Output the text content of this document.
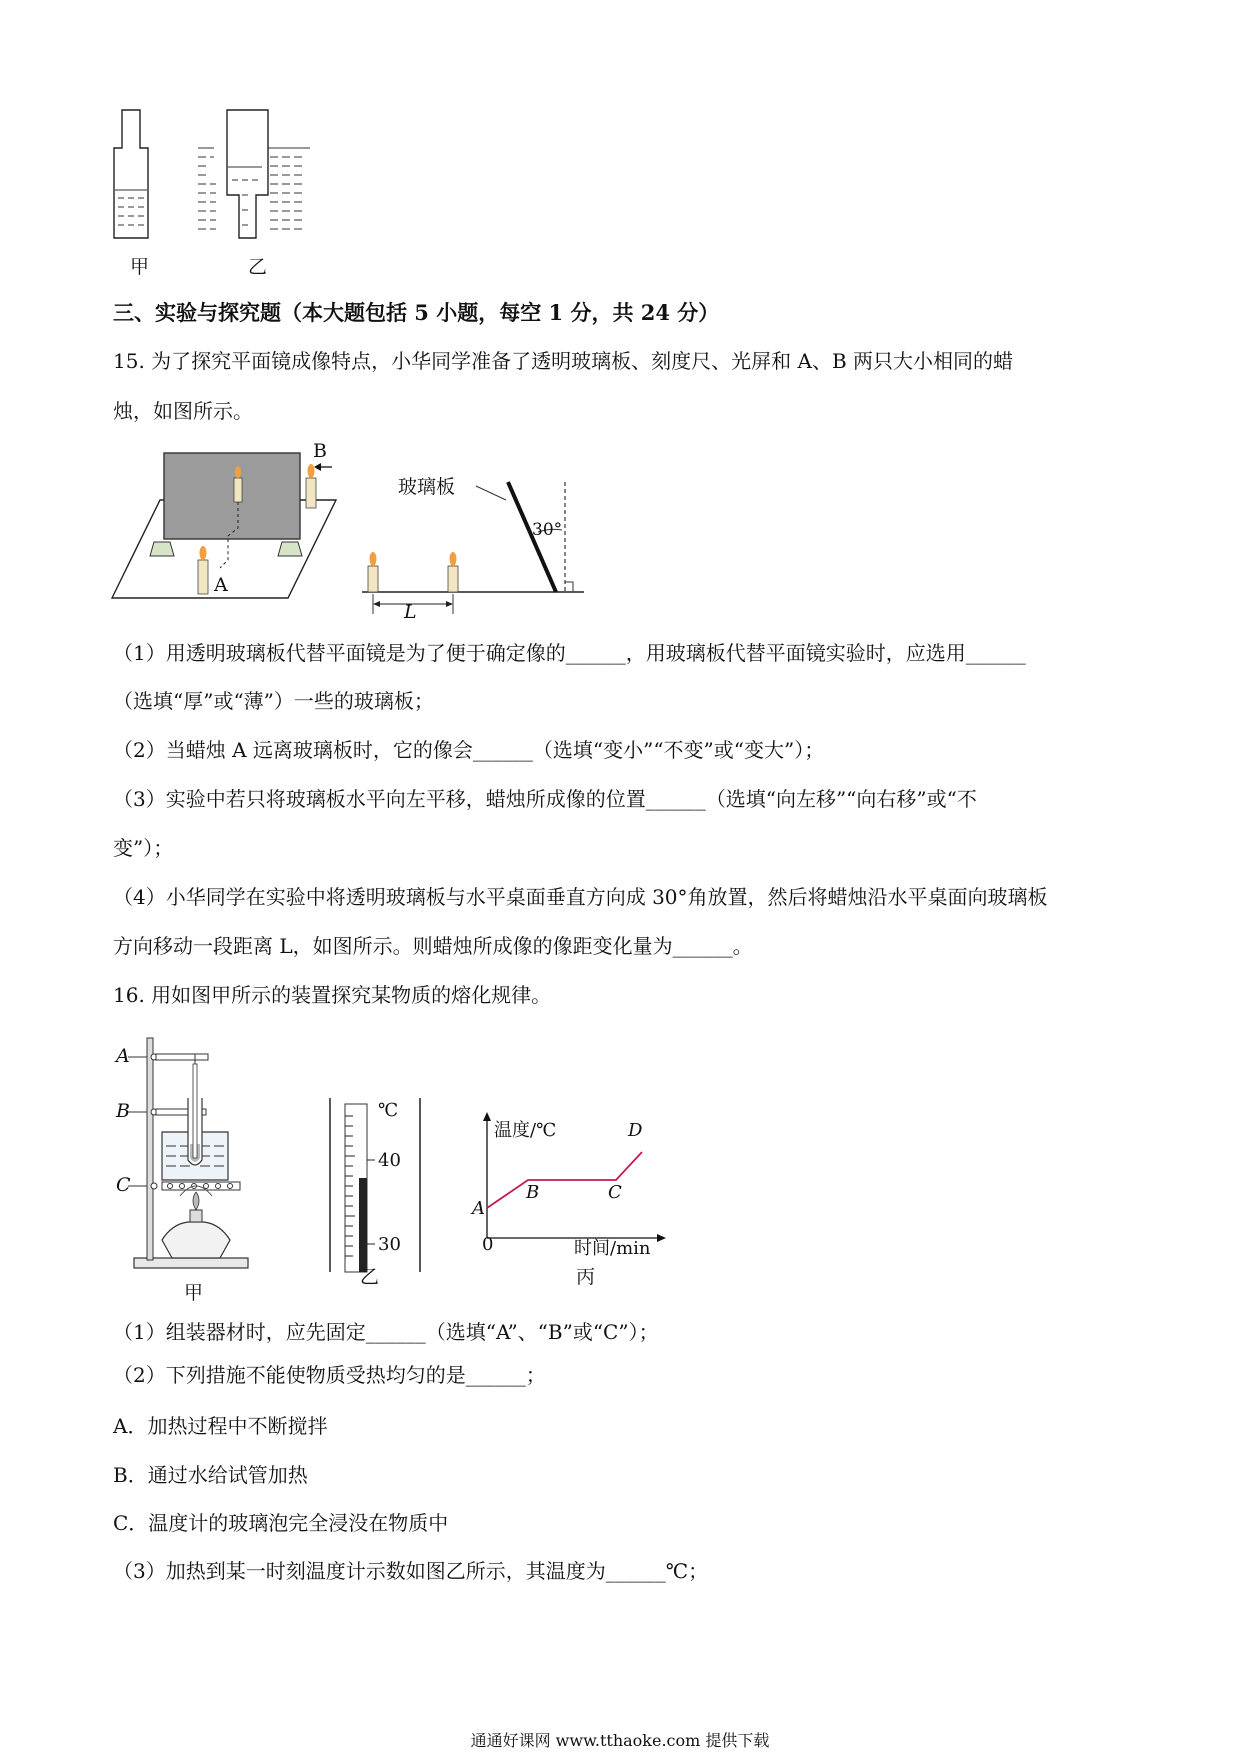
甲	乙
三、实验与探究题（本大题包括 5 小题，每空 1 分，共 24 分）
15. 为了探究平面镜成像特点，小华同学准备了透明玻璃板、刻度尺、光屏和 A、B 两只大小相同的蜡
烛，如图所示。
B
A
玻璃板
30°
L
（1）用透明玻璃板代替平面镜是为了便于确定像的______，用玻璃板代替平面镜实验时，应选用______
（选填“厚”或“薄”）一些的玻璃板；
（2）当蜡烛 A 远离玻璃板时，它的像会______（选填“变小”“不变”或“变大”）；
（3）实验中若只将玻璃板水平向左平移，蜡烛所成像的位置______（选填“向左移”“向右移”或“不
变”）；
（4）小华同学在实验中将透明玻璃板与水平桌面垂直方向成 30°角放置，然后将蜡烛沿水平桌面向玻璃板
方向移动一段距离 L，如图所示。则蜡烛所成像的像距变化量为______。
16. 用如图甲所示的装置探究某物质的熔化规律。
A
B
C
甲
℃
40
30
乙
温度/℃	D
B	C
A
0	时间/min
丙
（1）组装器材时，应先固定______（选填“A”、“B”或“C”）；
（2）下列措施不能使物质受热均匀的是______；
A．加热过程中不断搅拌
B．通过水给试管加热
C．温度计的玻璃泡完全浸没在物质中
（3）加热到某一时刻温度计示数如图乙所示，其温度为______℃；
通通好课网 www.tthaoke.com 提供下载
